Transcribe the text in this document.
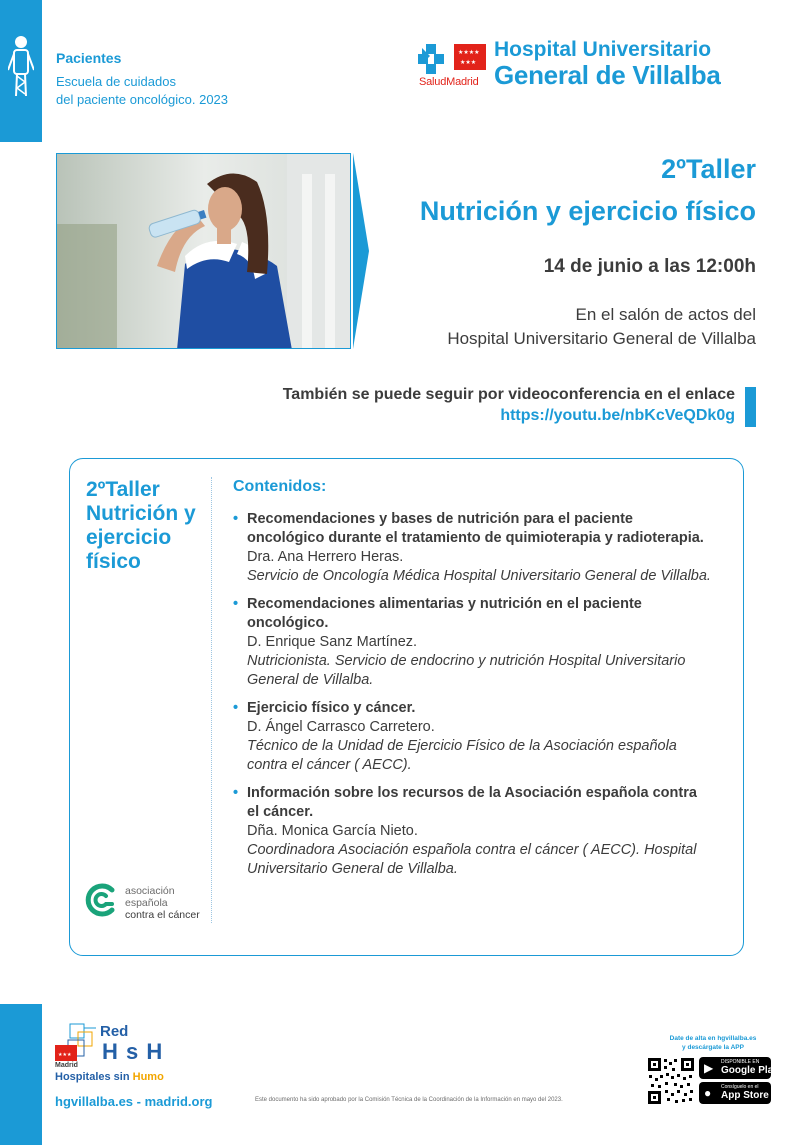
Pacientes
Escuela de cuidados
del paciente oncológico. 2023
★★★★
★★★
SaludMadrid
Hospital Universitario
General de Villalba
2ºTaller
Nutrición y ejercicio físico
14 de junio a las 12:00h
En el salón de actos del
Hospital Universitario General de Villalba
También se puede seguir por videoconferencia en el enlace
https://youtu.be/nbKcVeQDk0g
2ºTaller Nutrición y ejercicio físico
Contenidos:
• Recomendaciones y bases de nutrición para el paciente oncológico durante el tratamiento de quimioterapia y radioterapia.
Dra. Ana Herrero Heras.
Servicio de Oncología Médica Hospital Universitario General de Villalba.
• Recomendaciones alimentarias y nutrición en el paciente oncológico.
D. Enrique Sanz Martínez.
Nutricionista. Servicio de endocrino y nutrición Hospital Universitario General de Villalba.
• Ejercicio físico y cáncer.
D. Ángel Carrasco Carretero.
Técnico de la Unidad de Ejercicio Físico de la Asociación española contra el cáncer ( AECC).
• Información sobre los recursos de la Asociación española contra el cáncer.
Dña. Monica García Nieto.
Coordinadora Asociación española contra el cáncer ( AECC). Hospital Universitario General de Villalba.
asociación
española
contra el cáncer
Red
H s H
★★★
Madrid
Hospitales sin Humo
hgvillalba.es - madrid.org	Este documento ha sido aprobado por la Comisión Técnica de la Coordinación de la Información en mayo del 2023.
Date de alta en hgvillalba.es
y descárgate la APP
▶ DISPONIBLE EN
Google Play
● Consíguelo en el
App Store
